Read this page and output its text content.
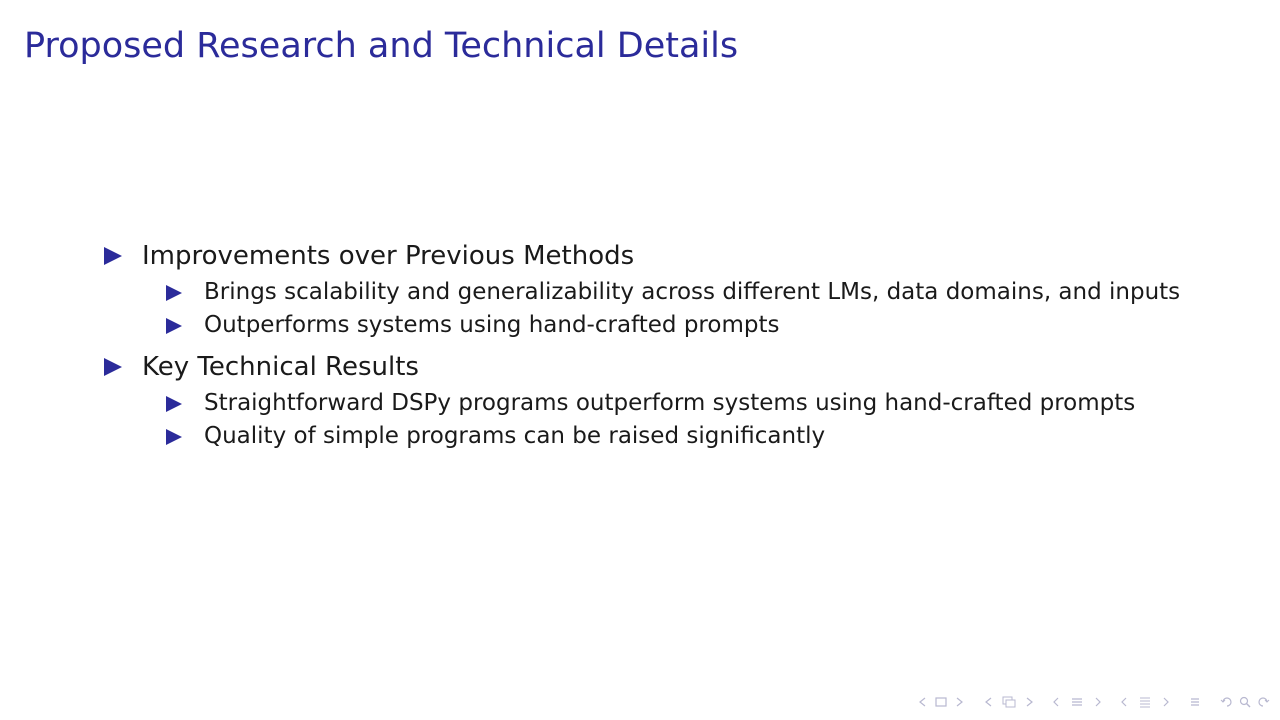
Proposed Research and Technical Details
Improvements over Previous Methods
Brings scalability and generalizability across different LMs, data domains, and inputs
Outperforms systems using hand-crafted prompts
Key Technical Results
Straightforward DSPy programs outperform systems using hand-crafted prompts
Quality of simple programs can be raised significantly
